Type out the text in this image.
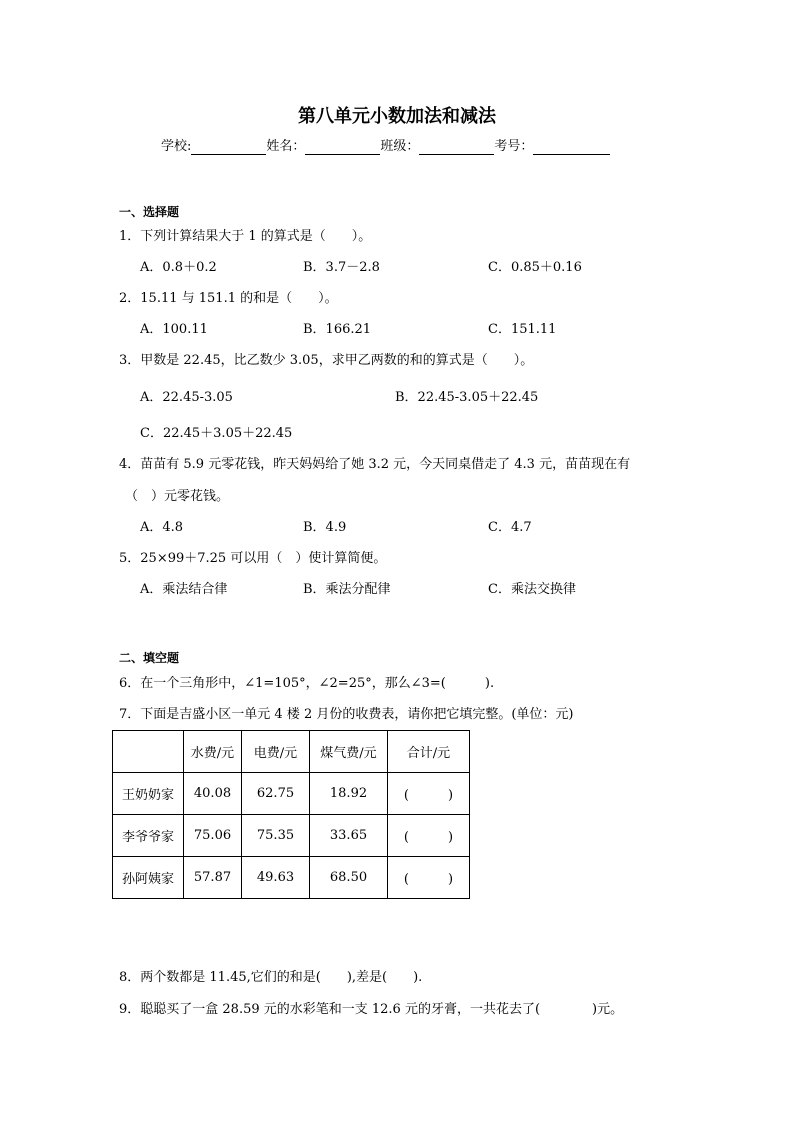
第八单元小数加法和减法
学校:	姓名：	班级：	考号：
一、选择题
1．下列计算结果大于 1 的算式是（　　）。
A．0.8＋0.2	B．3.7－2.8	C．0.85＋0.16
2．15.11 与 151.1 的和是（　　）。
A．100.11	B．166.21	C．151.11
3．甲数是 22.45，比乙数少 3.05，求甲乙两数的和的算式是（　　）。
A．22.45-3.05	B．22.45-3.05＋22.45
C．22.45＋3.05＋22.45
4．苗苗有 5.9 元零花钱，昨天妈妈给了她 3.2 元，今天同桌借走了 4.3 元，苗苗现在有
（　）元零花钱。
A．4.8	B．4.9	C．4.7
5．25×99＋7.25 可以用（　）使计算简便。
A．乘法结合律	B．乘法分配律	C．乘法交换律
二、填空题
6．在一个三角形中，∠1=105°，∠2=25°，那么∠3=(　　　).
7．下面是吉盛小区一单元 4 楼 2 月份的收费表，请你把它填完整。(单位：元)
	水费/元	电费/元	煤气费/元	合计/元
王奶奶家	40.08	62.75	18.92	(　　　)
李爷爷家	75.06	75.35	33.65	(　　　)
孙阿姨家	57.87	49.63	68.50	(　　　)
8．两个数都是 11.45,它们的和是(　　),差是(　　).
9．聪聪买了一盒 28.59 元的水彩笔和一支 12.6 元的牙膏，一共花去了(　　　　)元。
